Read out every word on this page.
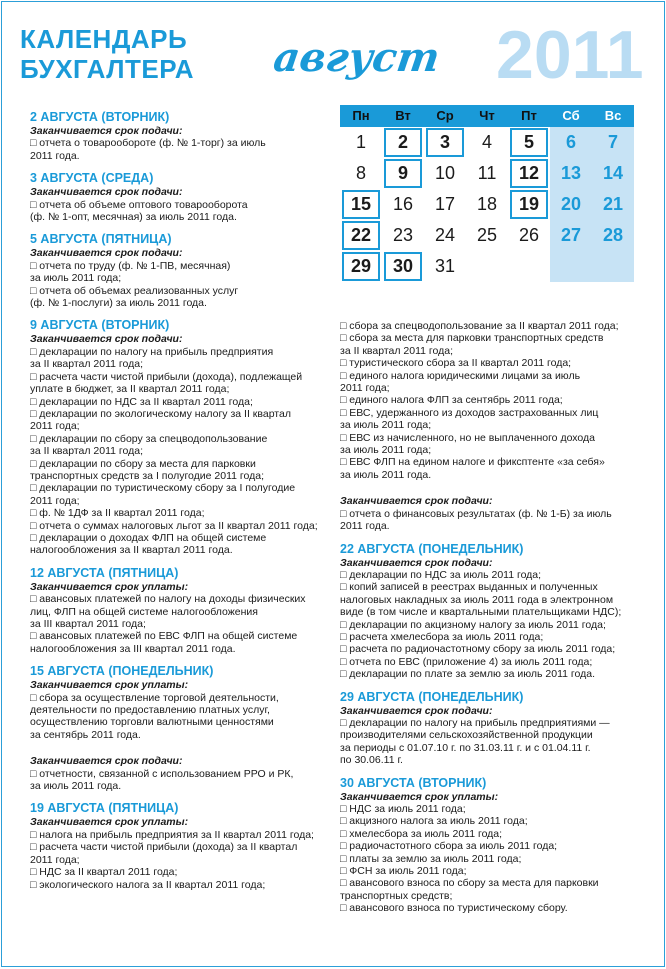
КАЛЕНДАРЬ
БУХГАЛТЕРА август 2011
Пн	Вт	Ср	Чт	Пт	Сб	Вс
1	2	3	4	5	6	7
8	9	10	11	12	13	14
15	16	17	18	19	20	21
22	23	24	25	26	27	28
29	30	31
2 АВГУСТА (ВТОРНИК)
Заканчивается срок подачи:
□ отчета о товарообороте (ф. № 1-торг) за июль
2011 года.
3 АВГУСТА (СРЕДА)
Заканчивается срок подачи:
□ отчета об объеме оптового товарооборота
(ф. № 1-опт, месячная) за июль 2011 года.
5 АВГУСТА (ПЯТНИЦА)
Заканчивается срок подачи:
□ отчета по труду (ф. № 1-ПВ, месячная)
за июль 2011 года;
□ отчета об объемах реализованных услуг
(ф. № 1-послуги) за июль 2011 года.
9 АВГУСТА (ВТОРНИК)
Заканчивается срок подачи:
□ декларации по налогу на прибыль предприятия
за II квартал 2011 года;
□ расчета части чистой прибыли (дохода), подлежащей
уплате в бюджет, за II квартал 2011 года;
□ декларации по НДС за II квартал 2011 года;
□ декларации по экологическому налогу за II квартал
2011 года;
□ декларации по сбору за спецводопользование
за II квартал 2011 года;
□ декларации по сбору за места для парковки
транспортных средств за I полугодие 2011 года;
□ декларации по туристическому сбору за I полугодие
2011 года;
□ ф. № 1ДФ за II квартал 2011 года;
□ отчета о суммах налоговых льгот за II квартал 2011 года;
□ декларации о доходах ФЛП на общей системе
налогообложения за II квартал 2011 года.
12 АВГУСТА (ПЯТНИЦА)
Заканчивается срок уплаты:
□ авансовых платежей по налогу на доходы физических
лиц, ФЛП на общей системе налогообложения
за III квартал 2011 года;
□ авансовых платежей по ЕВС ФЛП на общей системе
налогообложения за III квартал 2011 года.
15 АВГУСТА (ПОНЕДЕЛЬНИК)
Заканчивается срок уплаты:
□ сбора за осуществление торговой деятельности,
деятельности по предоставлению платных услуг,
осуществлению торговли валютными ценностями
за сентябрь 2011 года.
Заканчивается срок подачи:
□ отчетности, связанной с использованием РРО и РК,
за июль 2011 года.
19 АВГУСТА (ПЯТНИЦА)
Заканчивается срок уплаты:
□ налога на прибыль предприятия за II квартал 2011 года;
□ расчета части чистой прибыли (дохода) за II квартал
2011 года;
□ НДС за II квартал 2011 года;
□ экологического налога за II квартал 2011 года;
□ сбора за спецводопользование за II квартал 2011 года;
□ сбора за места для парковки транспортных средств
за II квартал 2011 года;
□ туристического сбора за II квартал 2011 года;
□ единого налога юридическими лицами за июль
2011 года;
□ единого налога ФЛП за сентябрь 2011 года;
□ ЕВС, удержанного из доходов застрахованных лиц
за июль 2011 года;
□ ЕВС из начисленного, но не выплаченного дохода
за июль 2011 года;
□ ЕВС ФЛП на едином налоге и фиксптенте «за себя»
за июль 2011 года.
Заканчивается срок подачи:
□ отчета о финансовых результатах (ф. № 1-Б) за июль
2011 года.
22 АВГУСТА (ПОНЕДЕЛЬНИК)
Заканчивается срок подачи:
□ декларации по НДС за июль 2011 года;
□ копий записей в реестрах выданных и полученных
налоговых накладных за июль 2011 года в электронном
виде (в том числе и квартальными плательщиками НДС);
□ декларации по акцизному налогу за июль 2011 года;
□ расчета хмелесбора за июль 2011 года;
□ расчета по радиочастотному сбору за июль 2011 года;
□ отчета по ЕВС (приложение 4) за июль 2011 года;
□ декларации по плате за землю за июль 2011 года.
29 АВГУСТА (ПОНЕДЕЛЬНИК)
Заканчивается срок подачи:
□ декларации по налогу на прибыль предприятиями —
производителями сельскохозяйственной продукции
за периоды с 01.07.10 г. по 31.03.11 г. и с 01.04.11 г.
по 30.06.11 г.
30 АВГУСТА (ВТОРНИК)
Заканчивается срок уплаты:
□ НДС за июль 2011 года;
□ акцизного налога за июль 2011 года;
□ хмелесбора за июль 2011 года;
□ радиочастотного сбора за июль 2011 года;
□ платы за землю за июль 2011 года;
□ ФСН за июль 2011 года;
□ авансового взноса по сбору за места для парковки
транспортных средств;
□ авансового взноса по туристическому сбору.
